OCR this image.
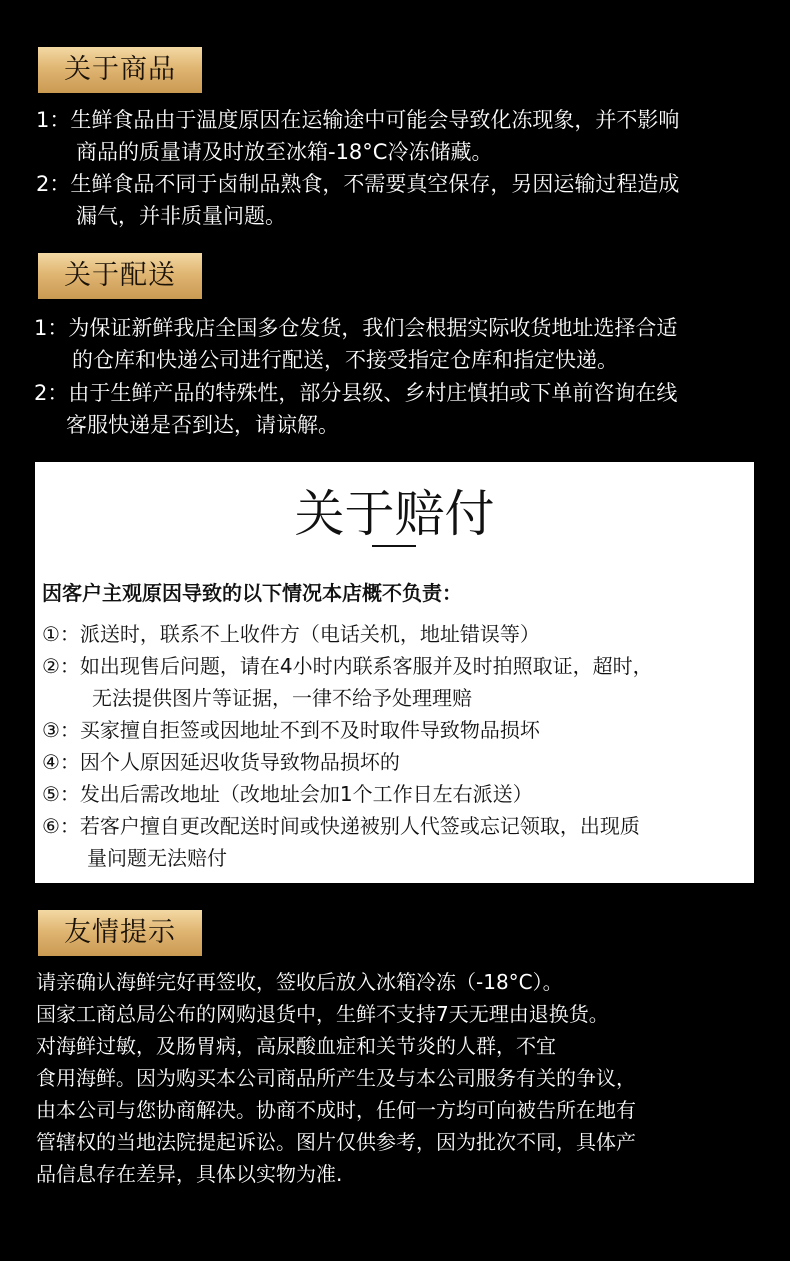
关于商品
1：生鲜食品由于温度原因在运输途中可能会导致化冻现象，并不影响
商品的质量请及时放至冰箱-18°C冷冻储藏。
2：生鲜食品不同于卤制品熟食，不需要真空保存，另因运输过程造成
漏气，并非质量问题。
关于配送
1：为保证新鲜我店全国多仓发货，我们会根据实际收货地址选择合适
的仓库和快递公司进行配送，不接受指定仓库和指定快递。
2：由于生鲜产品的特殊性，部分县级、乡村庄慎拍或下单前咨询在线
客服快递是否到达，请谅解。
关于赔付
因客户主观原因导致的以下情况本店概不负责：
①：派送时，联系不上收件方（电话关机，地址错误等）
②：如出现售后问题，请在4小时内联系客服并及时拍照取证，超时，
无法提供图片等证据，一律不给予处理理赔
③：买家擅自拒签或因地址不到不及时取件导致物品损坏
④：因个人原因延迟收货导致物品损坏的
⑤：发出后需改地址（改地址会加1个工作日左右派送）
⑥：若客户擅自更改配送时间或快递被别人代签或忘记领取，出现质
量问题无法赔付
友情提示
请亲确认海鲜完好再签收，签收后放入冰箱冷冻（-18°C）。
国家工商总局公布的网购退货中，生鲜不支持7天无理由退换货。
对海鲜过敏，及肠胃病，高尿酸血症和关节炎的人群，不宜
食用海鲜。因为购买本公司商品所产生及与本公司服务有关的争议，
由本公司与您协商解决。协商不成时，任何一方均可向被告所在地有
管辖权的当地法院提起诉讼。图片仅供参考，因为批次不同，具体产
品信息存在差异，具体以实物为准.
